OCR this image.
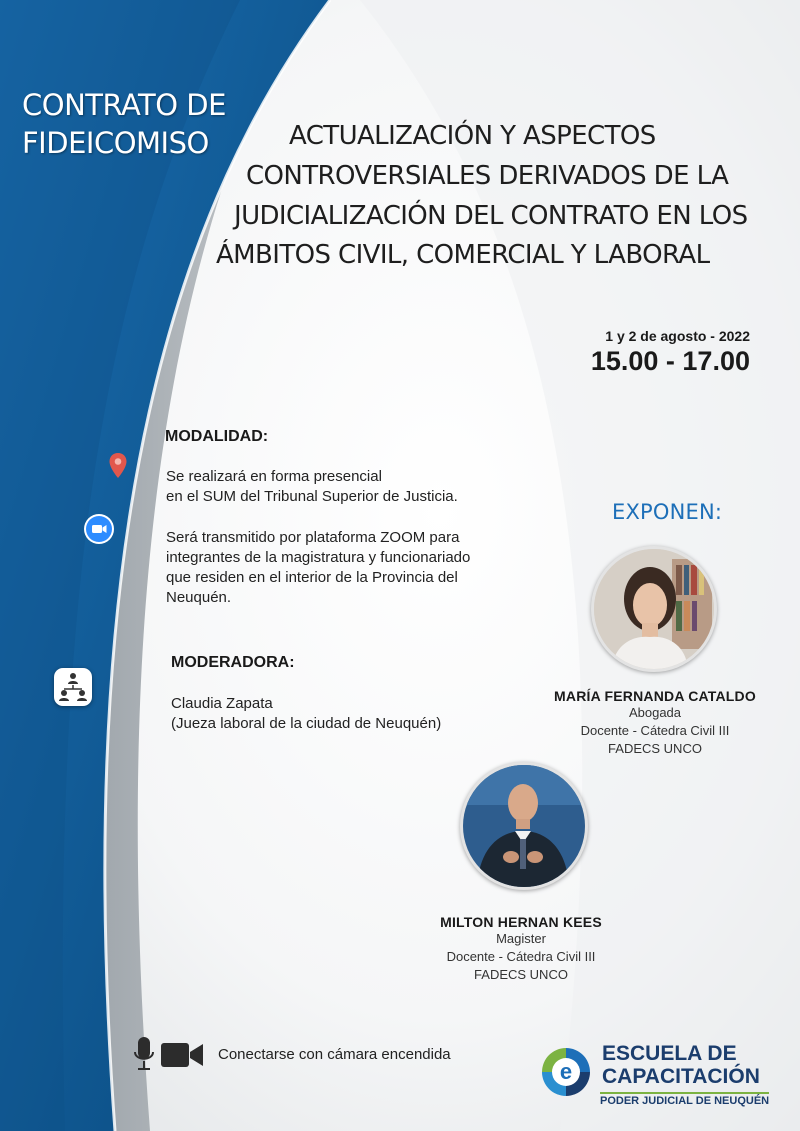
CONTRATO DE
FIDEICOMISO	ACTUALIZACIÓN Y ASPECTOS
CONTROVERSIALES DERIVADOS DE LA
JUDICIALIZACIÓN DEL CONTRATO EN LOS
ÁMBITOS CIVIL, COMERCIAL Y LABORAL
1 y 2 de agosto - 2022
15.00 - 17.00
MODALIDAD:
Se realizará en forma presencial
en el SUM del Tribunal Superior de Justicia.
Será transmitido por plataforma ZOOM para
integrantes de la magistratura y funcionariado
que residen en el interior de la Provincia del
Neuquén.
MODERADORA:
Claudia Zapata
(Jueza laboral de la ciudad de Neuquén)
EXPONEN:
MARÍA FERNANDA CATALDO
Abogada
Docente - Cátedra Civil III
FADECS UNCO
MILTON HERNAN KEES
Magister
Docente - Cátedra Civil III
FADECS UNCO
Conectarse con cámara encendida
e
ESCUELA DE
CAPACITACIÓN
PODER JUDICIAL DE NEUQUÉN
